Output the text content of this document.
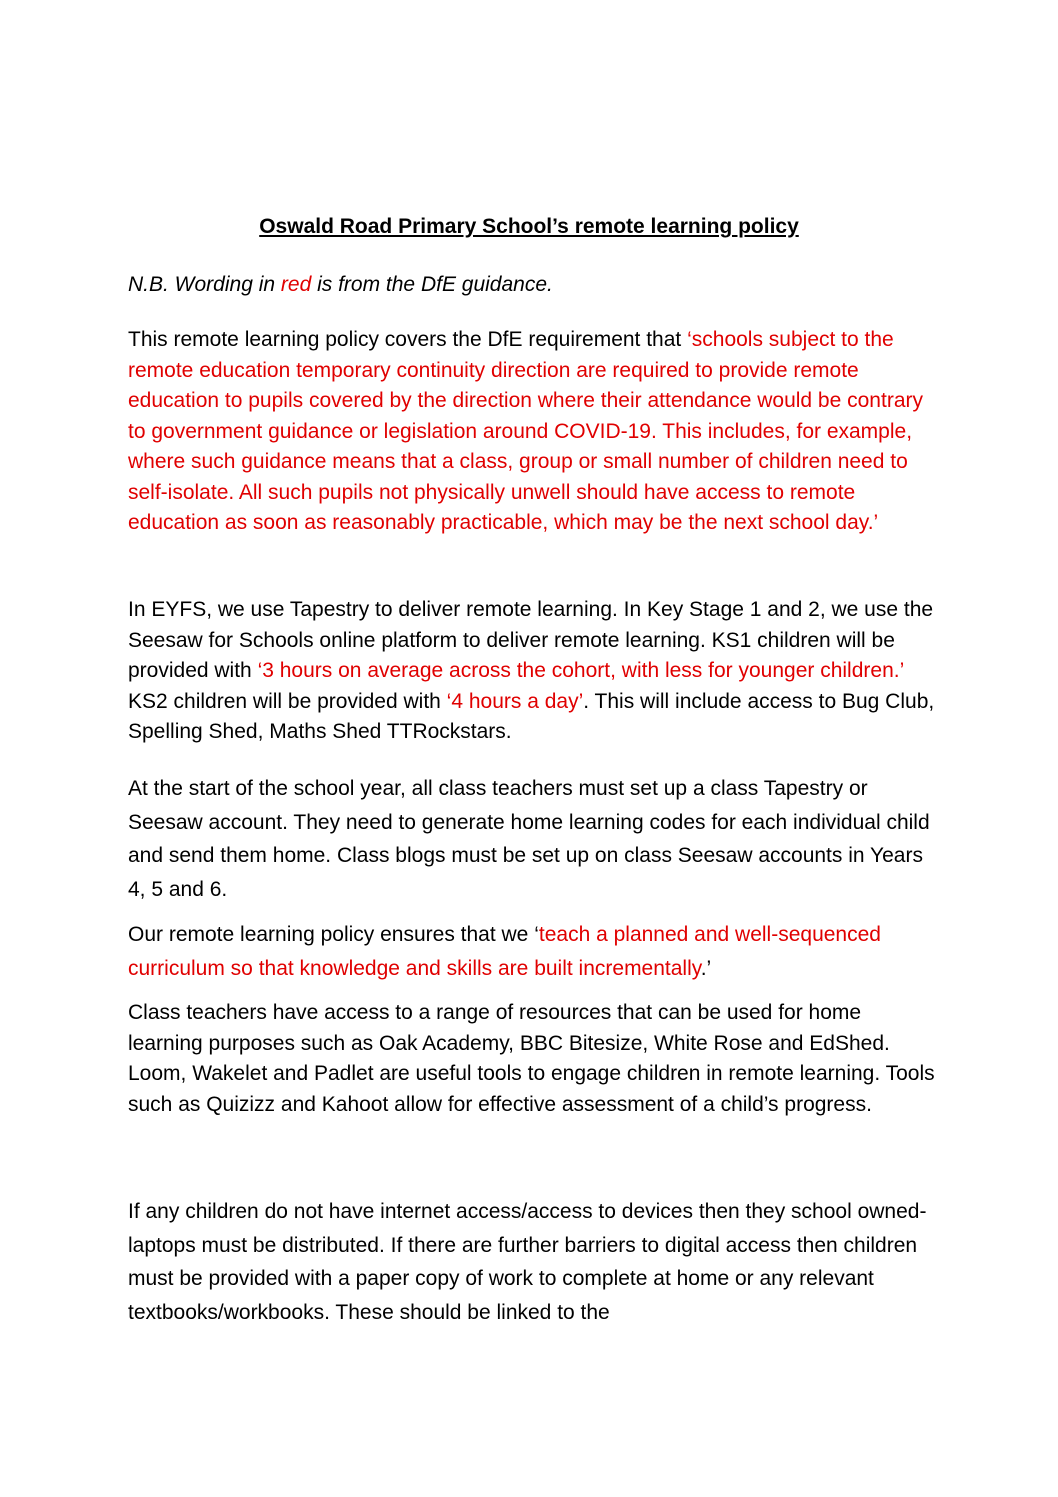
Oswald Road Primary School’s remote learning policy

N.B. Wording in red is from the DfE guidance.

This remote learning policy covers the DfE requirement that ‘schools subject to the remote education temporary continuity direction are required to provide remote education to pupils covered by the direction where their attendance would be contrary to government guidance or legislation around COVID-19. This includes, for example, where such guidance means that a class, group or small number of children need to self-isolate. All such pupils not physically unwell should have access to remote education as soon as reasonably practicable, which may be the next school day.’

In EYFS, we use Tapestry to deliver remote learning. In Key Stage 1 and 2, we use the Seesaw for Schools online platform to deliver remote learning. KS1 children will be provided with ‘3 hours on average across the cohort, with less for younger children.’ KS2 children will be provided with ‘4 hours a day’. This will include access to Bug Club, Spelling Shed, Maths Shed TTRockstars.

At the start of the school year, all class teachers must set up a class Tapestry or Seesaw account. They need to generate home learning codes for each individual child and send them home. Class blogs must be set up on class Seesaw accounts in Years 4, 5 and 6.

Our remote learning policy ensures that we ‘teach a planned and well-sequenced curriculum so that knowledge and skills are built incrementally.’

Class teachers have access to a range of resources that can be used for home learning purposes such as Oak Academy, BBC Bitesize, White Rose and EdShed. Loom, Wakelet and Padlet are useful tools to engage children in remote learning. Tools such as Quizizz and Kahoot allow for effective assessment of a child’s progress.

If any children do not have internet access/access to devices then they school owned-laptops must be distributed. If there are further barriers to digital access then children must be provided with a paper copy of work to complete at home or any relevant textbooks/workbooks. These should be linked to the
